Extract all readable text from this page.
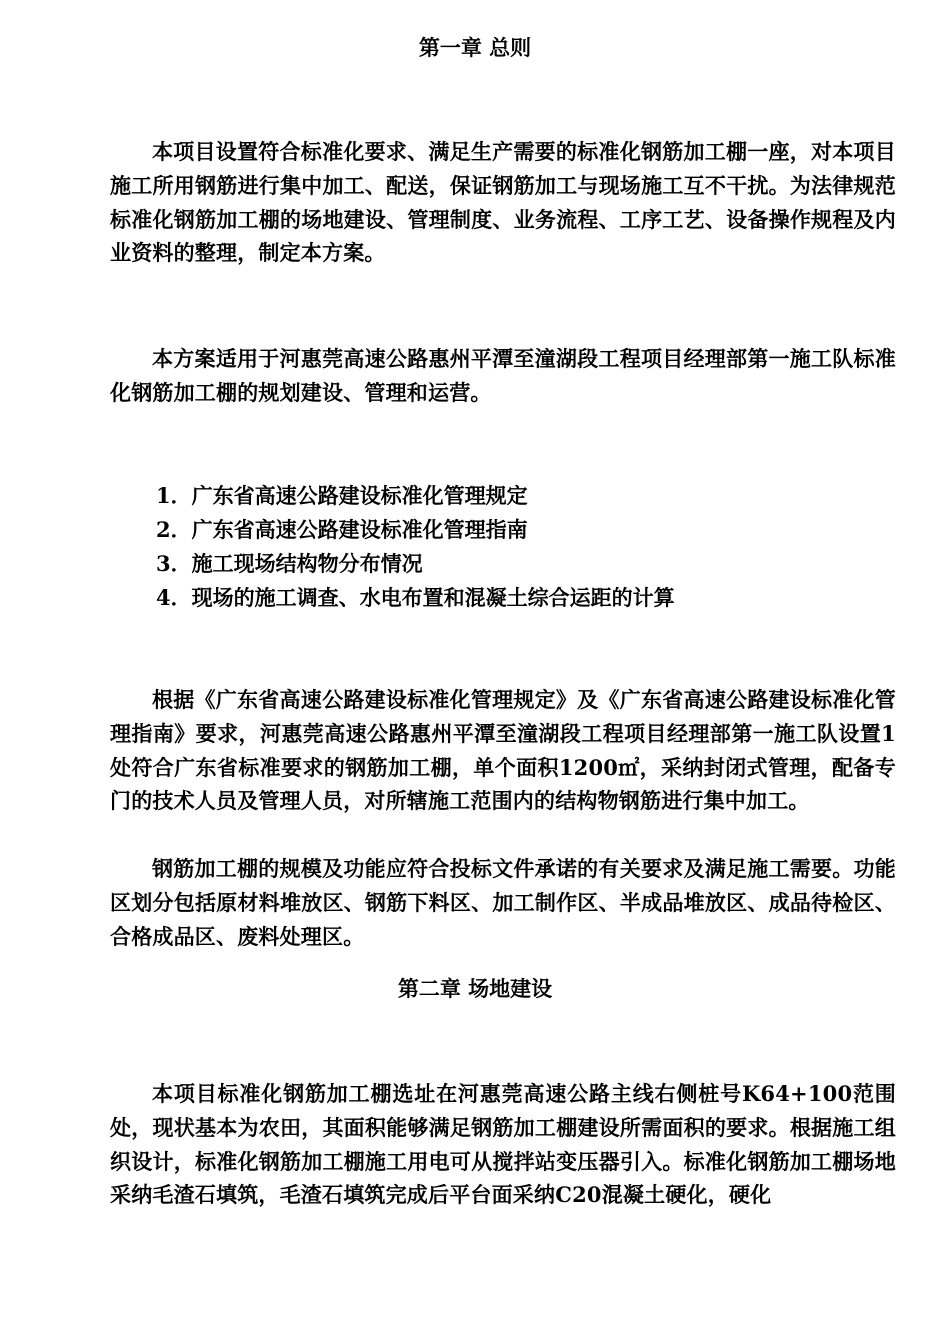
第一章 总则

本项目设置符合标准化要求、满足生产需要的标准化钢筋加工棚一座，对本项目施工所用钢筋进行集中加工、配送，保证钢筋加工与现场施工互不干扰。为法律规范标准化钢筋加工棚的场地建设、管理制度、业务流程、工序工艺、设备操作规程及内业资料的整理，制定本方案。

本方案适用于河惠莞高速公路惠州平潭至潼湖段工程项目经理部第一施工队标准化钢筋加工棚的规划建设、管理和运营。

1．广东省高速公路建设标准化管理规定
2．广东省高速公路建设标准化管理指南
3．施工现场结构物分布情况
4．现场的施工调查、水电布置和混凝土综合运距的计算

根据《广东省高速公路建设标准化管理规定》及《广东省高速公路建设标准化管理指南》要求，河惠莞高速公路惠州平潭至潼湖段工程项目经理部第一施工队设置1处符合广东省标准要求的钢筋加工棚，单个面积1200㎡，采纳封闭式管理，配备专门的技术人员及管理人员，对所辖施工范围内的结构物钢筋进行集中加工。

钢筋加工棚的规模及功能应符合投标文件承诺的有关要求及满足施工需要。功能区划分包括原材料堆放区、钢筋下料区、加工制作区、半成品堆放区、成品待检区、合格成品区、废料处理区。

第二章 场地建设

本项目标准化钢筋加工棚选址在河惠莞高速公路主线右侧桩号K64+100范围处，现状基本为农田，其面积能够满足钢筋加工棚建设所需面积的要求。根据施工组织设计，标准化钢筋加工棚施工用电可从搅拌站变压器引入。标准化钢筋加工棚场地采纳毛渣石填筑，毛渣石填筑完成后平台面采纳C20混凝土硬化，硬化
